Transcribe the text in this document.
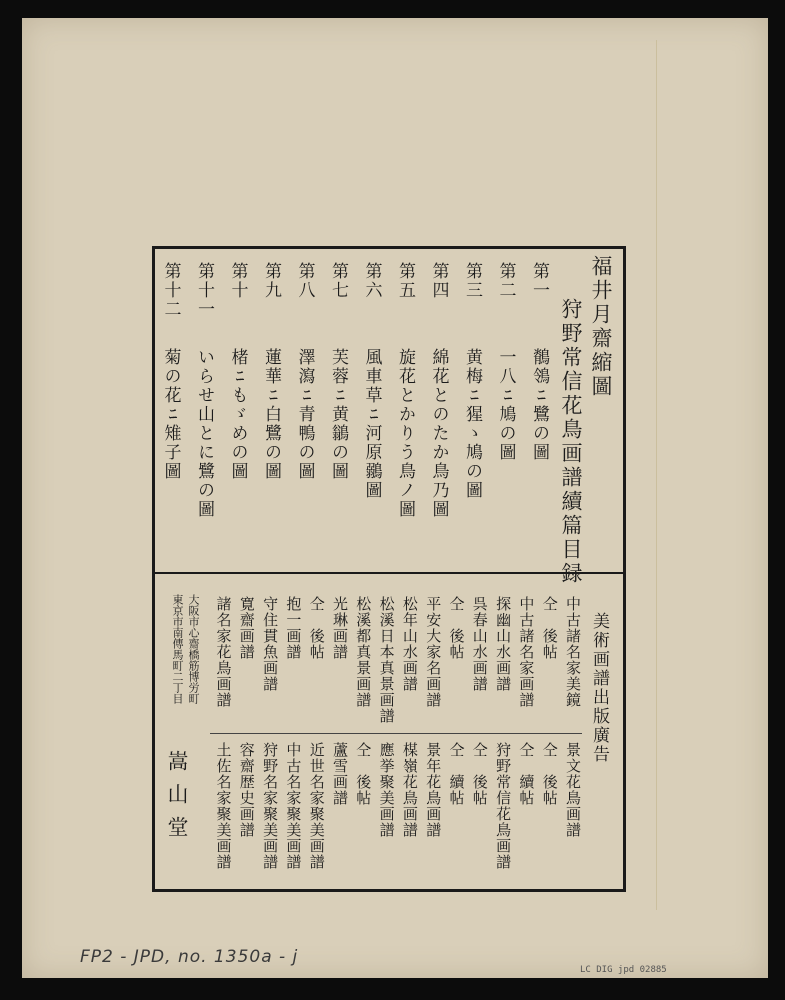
福井月齋縮圖
狩野常信花鳥画譜續篇目録
美術画譜出版廣告
大阪市心齋橋筋博労町
東京市南傳馬町二丁目
嵩山堂
FP2 - JPD, no. 1350a - j
LC DIG jpd 02885
第一
鶺鴒ﾆ鷺の圖
第二
一八ﾆ鳩の圖
第三
黄梅ﾆ猩ゝ鳩の圖
第四
綿花とのたか鳥乃圖
第五
旋花とかりう鳥ノ圖
第六
風車草ﾆ河原鶸圖
第七
芙蓉ﾆ黄鶲の圖
第八
澤瀉ﾆ青鴨の圖
第九
蓮華ﾆ白鷺の圖
第十
楮ﾆもゞめの圖
第十一
いらせ山とに鷺の圖
第十二
菊の花ﾆ雉子圖
中古諸名家美鏡
仝　後帖
中古諸名家画譜
探幽山水画譜
呉春山水画譜
仝　後帖
平安大家名画譜
松年山水画譜
松溪日本真景画譜
松溪都真景画譜
光琳画譜
仝　後帖
抱一画譜
守住貫魚画譜
寛齋画譜
諸名家花鳥画譜
景文花鳥画譜
仝　後帖
仝　續帖
狩野常信花鳥画譜
仝　後帖
仝　續帖
景年花鳥画譜
楳嶺花鳥画譜
應挙聚美画譜
仝　後帖
蘆雪画譜
近世名家聚美画譜
中古名家聚美画譜
狩野名家聚美画譜
容齋歴史画譜
土佐名家聚美画譜
